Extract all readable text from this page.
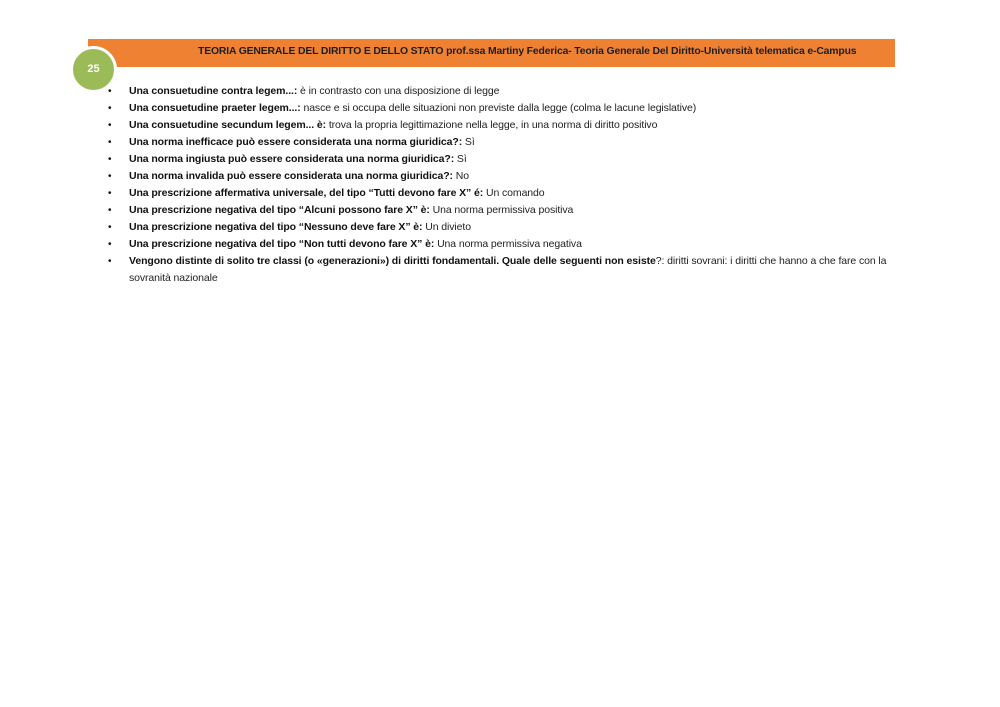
TEORIA GENERALE DEL DIRITTO E DELLO STATO prof.ssa Martiny Federica- Teoria Generale Del Diritto-Università telematica e-Campus
25
•	Una consuetudine contra legem...: è in contrasto con una disposizione di legge
•	Una consuetudine praeter legem...: nasce e si occupa delle situazioni non previste dalla legge (colma le lacune legislative)
•	Una consuetudine secundum legem... è: trova la propria legittimazione nella legge, in una norma di diritto positivo
•	Una norma inefficace può essere considerata una norma giuridica?: Sì
•	Una norma ingiusta può essere considerata una norma giuridica?: Sì
•	Una norma invalida può essere considerata una norma giuridica?: No
•	Una prescrizione affermativa universale, del tipo “Tutti devono fare X” é: Un comando
•	Una prescrizione negativa del tipo “Alcuni possono fare X” è: Una norma permissiva positiva
•	Una prescrizione negativa del tipo “Nessuno deve fare X” è: Un divieto
•	Una prescrizione negativa del tipo “Non tutti devono fare X” è: Una norma permissiva negativa
•	Vengono distinte di solito tre classi (o «generazioni») di diritti fondamentali. Quale delle seguenti non esiste?: diritti sovrani: i diritti che hanno a che fare con la sovranità nazionale
